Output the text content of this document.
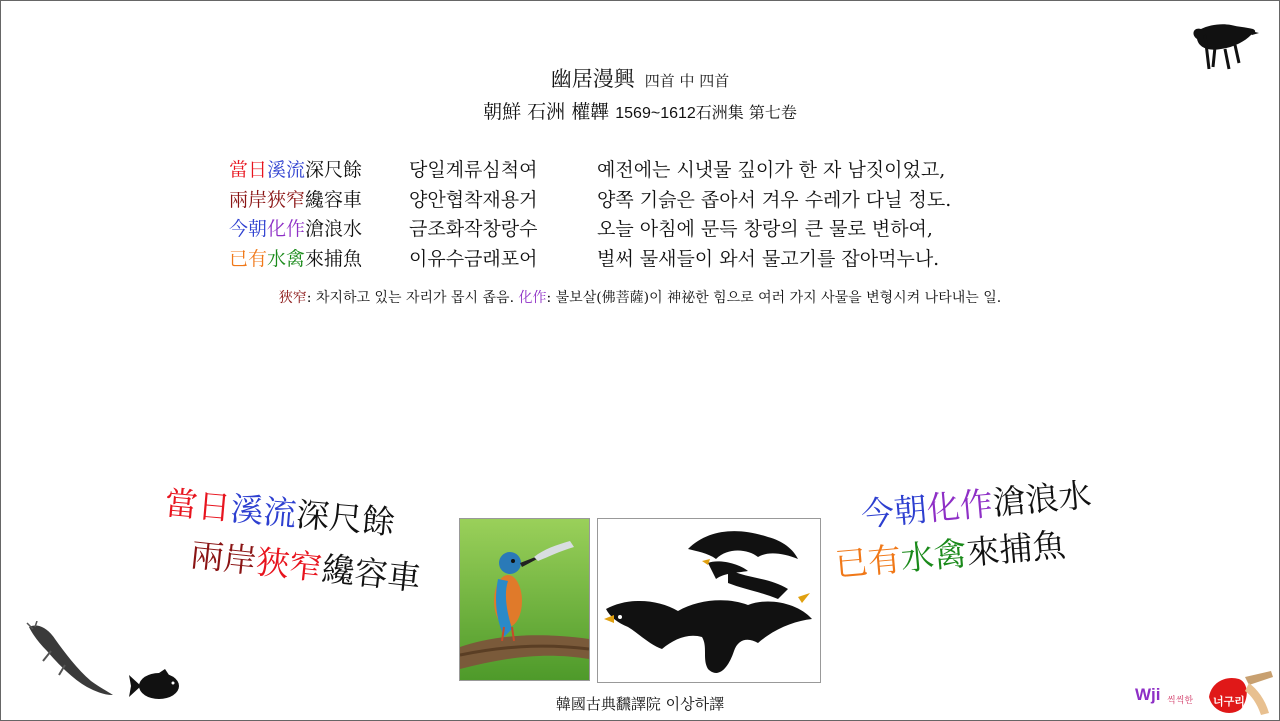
幽居漫興 四首 中 四首
朝鮮 石洲 權韠 1569~1612石洲集 第七卷
當日溪流深尺餘 당일계류심척여	예전에는 시냇물 깊이가 한 자 남짓이었고,
兩岸狹窄纔容車 양안협착재용거	양쪽 기슭은 좁아서 겨우 수레가 다닐 정도.
今朝化作滄浪水 금조화작창랑수	오늘 아침에 문득 창랑의 큰 물로 변하여,
已有水禽來捕魚 이유수금래포어	벌써 물새들이 와서 물고기를 잡아먹누나.
狹窄: 차지하고 있는 자리가 몹시 좁음. 化作: 불보살(佛菩薩)이 神祕한 힘으로 여러 가지 사물을 변형시켜 나타내는 일.
當日溪流深尺餘
兩岸狹窄纔容車
今朝化作滄浪水
已有水禽來捕魚
韓國古典飜譯院 이상하譯	Wji 씩씩한 너구리
